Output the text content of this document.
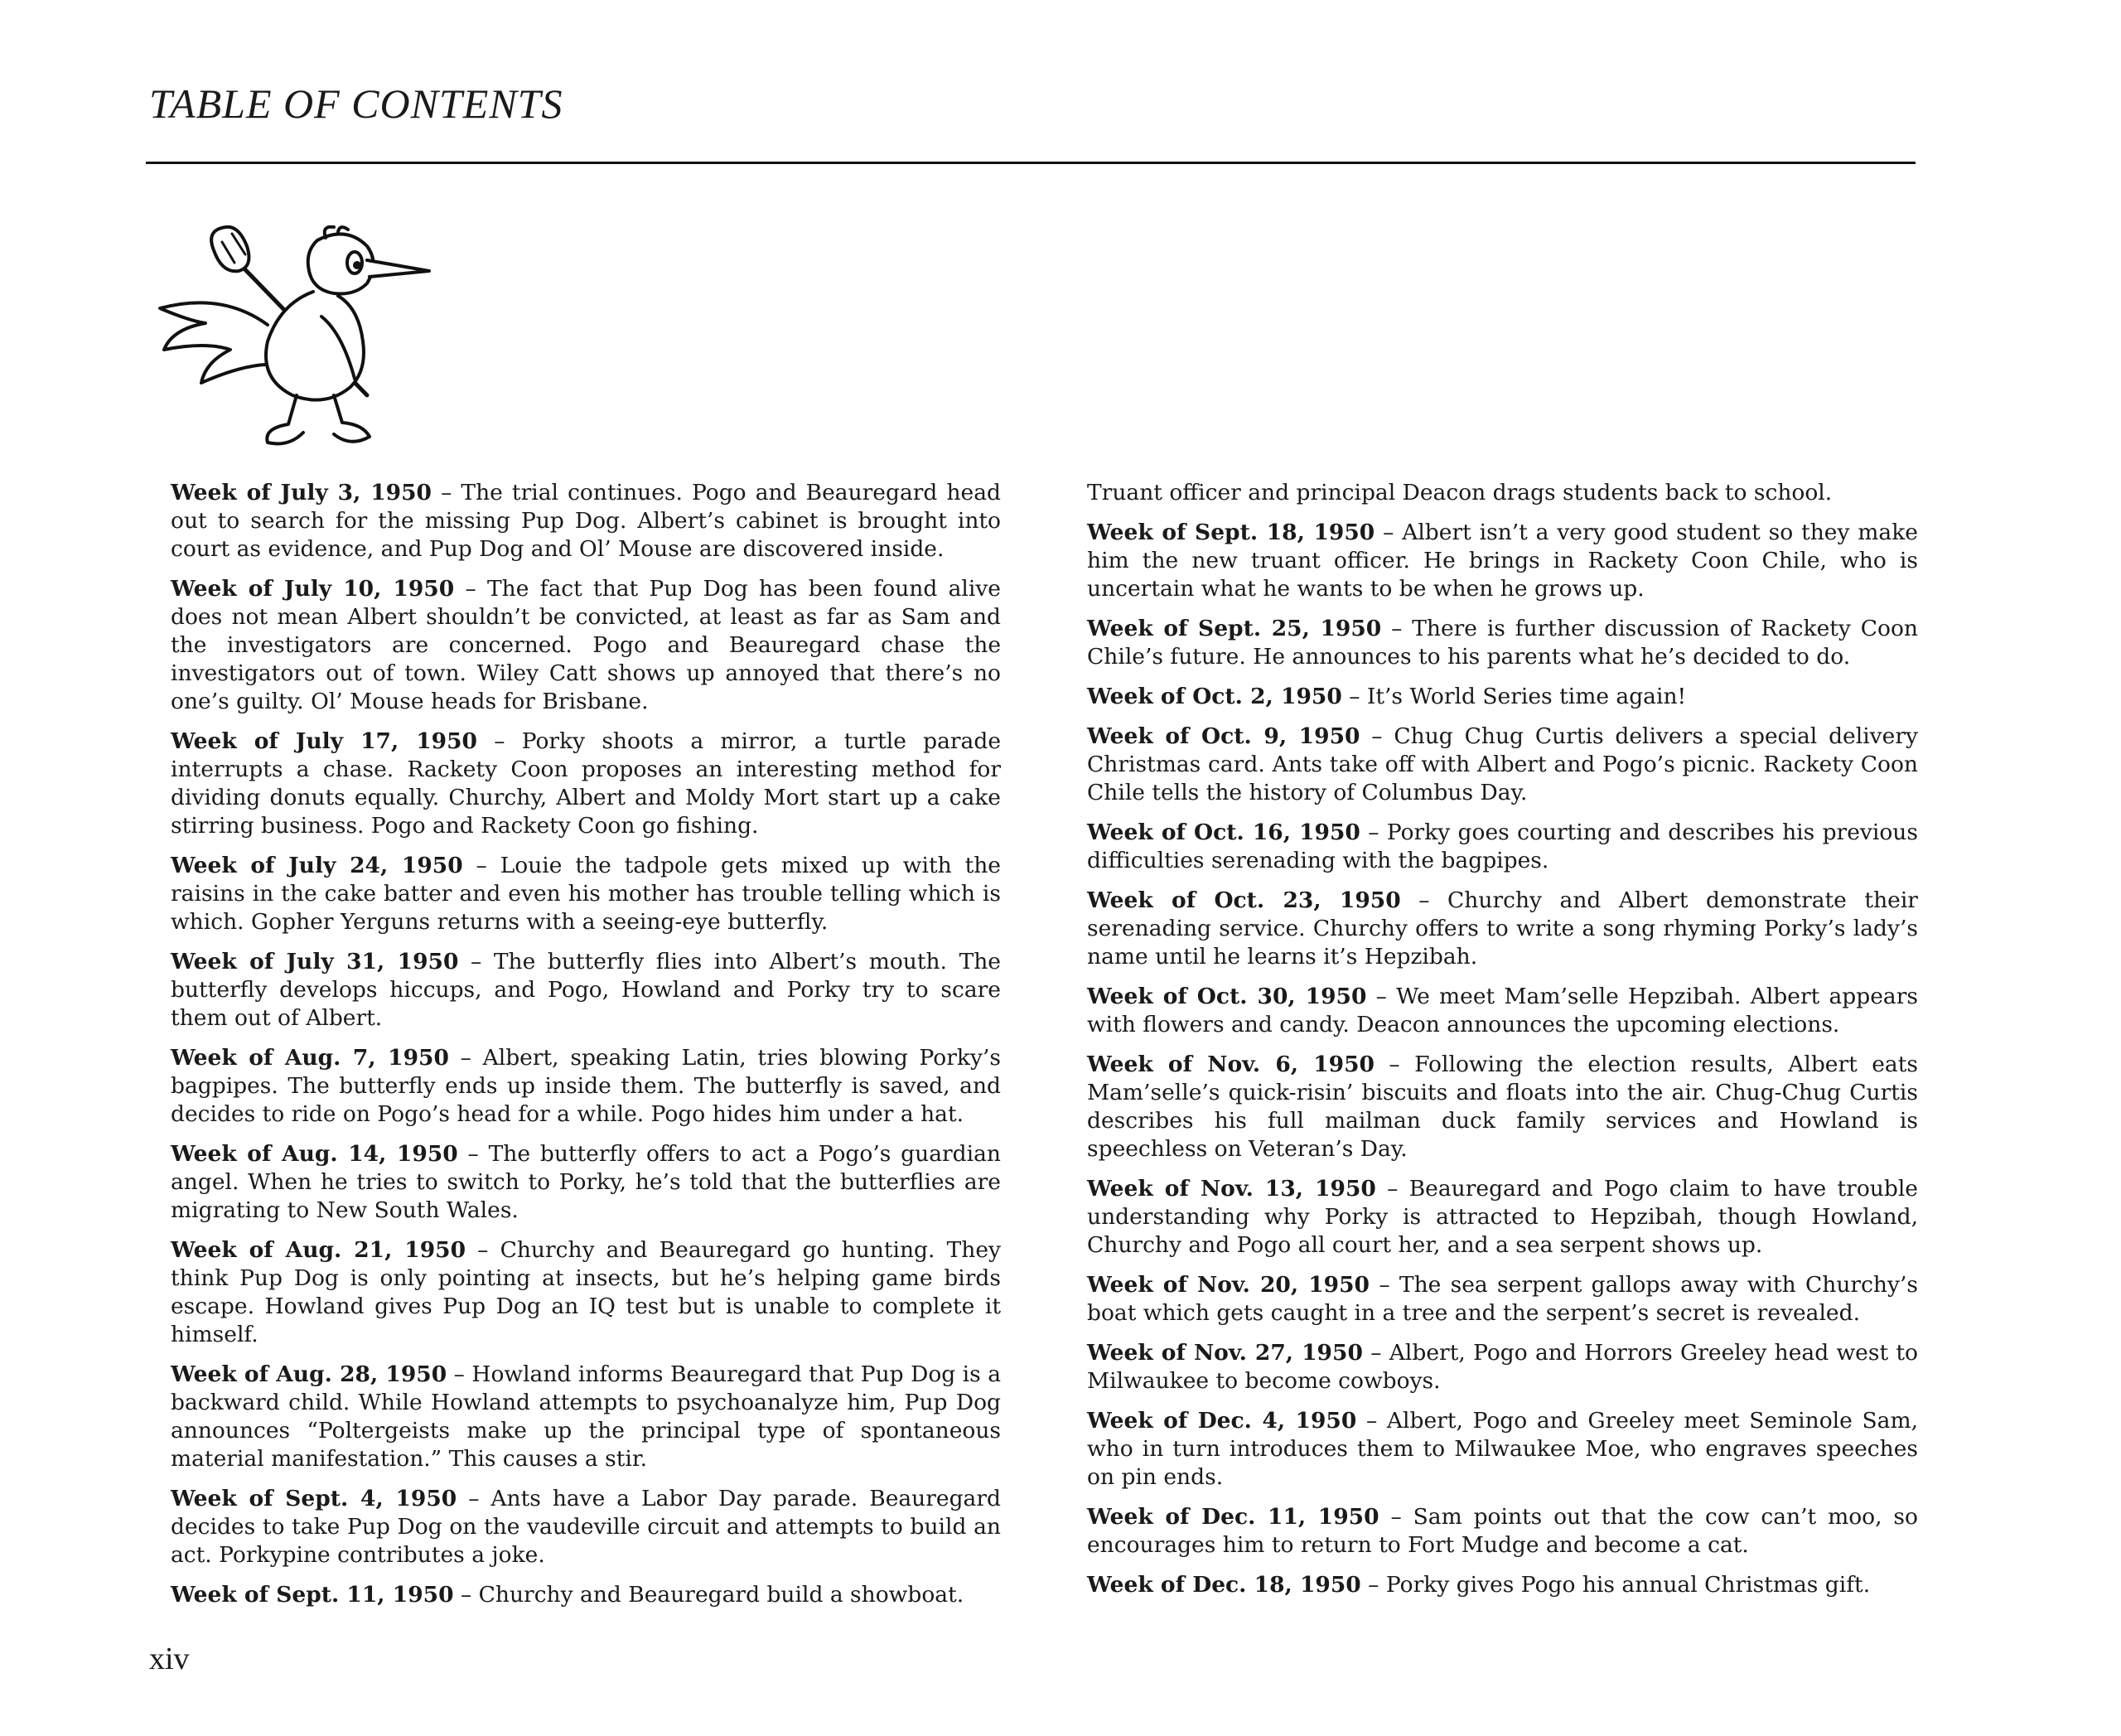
TABLE OF CONTENTS

Week of July 3, 1950 – The trial continues. Pogo and Beauregard head out to search for the missing Pup Dog. Albert’s cabinet is brought into court as evidence, and Pup Dog and Ol’ Mouse are discovered inside.

Week of July 10, 1950 – The fact that Pup Dog has been found alive does not mean Albert shouldn’t be convicted, at least as far as Sam and the investigators are concerned. Pogo and Beauregard chase the investigators out of town. Wiley Catt shows up annoyed that there’s no one’s guilty. Ol’ Mouse heads for Brisbane.

Week of July 17, 1950 – Porky shoots a mirror, a turtle parade interrupts a chase. Rackety Coon proposes an interesting method for dividing donuts equally. Churchy, Albert and Moldy Mort start up a cake stirring business. Pogo and Rackety Coon go fishing.

Week of July 24, 1950 – Louie the tadpole gets mixed up with the raisins in the cake batter and even his mother has trouble telling which is which. Gopher Yerguns returns with a seeing-eye butterfly.

Week of July 31, 1950 – The butterfly flies into Albert’s mouth. The butterfly develops hiccups, and Pogo, Howland and Porky try to scare them out of Albert.

Week of Aug. 7, 1950 – Albert, speaking Latin, tries blowing Porky’s bagpipes. The butterfly ends up inside them. The butterfly is saved, and decides to ride on Pogo’s head for a while. Pogo hides him under a hat.

Week of Aug. 14, 1950 – The butterfly offers to act a Pogo’s guardian angel. When he tries to switch to Porky, he’s told that the butterflies are migrating to New South Wales.

Week of Aug. 21, 1950 – Churchy and Beauregard go hunting. They think Pup Dog is only pointing at insects, but he’s helping game birds escape. Howland gives Pup Dog an IQ test but is unable to complete it himself.

Week of Aug. 28, 1950 – Howland informs Beauregard that Pup Dog is a backward child. While Howland attempts to psychoanalyze him, Pup Dog announces “Poltergeists make up the principal type of spontaneous material manifestation.” This causes a stir.

Week of Sept. 4, 1950 – Ants have a Labor Day parade. Beauregard decides to take Pup Dog on the vaudeville circuit and attempts to build an act. Porkypine contributes a joke.

Week of Sept. 11, 1950 – Churchy and Beauregard build a showboat.

Truant officer and principal Deacon drags students back to school.

Week of Sept. 18, 1950 – Albert isn’t a very good student so they make him the new truant officer. He brings in Rackety Coon Chile, who is uncertain what he wants to be when he grows up.

Week of Sept. 25, 1950 – There is further discussion of Rackety Coon Chile’s future. He announces to his parents what he’s decided to do.

Week of Oct. 2, 1950 – It’s World Series time again!

Week of Oct. 9, 1950 – Chug Chug Curtis delivers a special delivery Christmas card. Ants take off with Albert and Pogo’s picnic. Rackety Coon Chile tells the history of Columbus Day.

Week of Oct. 16, 1950 – Porky goes courting and describes his previous difficulties serenading with the bagpipes.

Week of Oct. 23, 1950 – Churchy and Albert demonstrate their serenading service. Churchy offers to write a song rhyming Porky’s lady’s name until he learns it’s Hepzibah.

Week of Oct. 30, 1950 – We meet Mam’selle Hepzibah. Albert appears with flowers and candy. Deacon announces the upcoming elections.

Week of Nov. 6, 1950 – Following the election results, Albert eats Mam’selle’s quick-risin’ biscuits and floats into the air. Chug-Chug Curtis describes his full mailman duck family services and Howland is speechless on Veteran’s Day.

Week of Nov. 13, 1950 – Beauregard and Pogo claim to have trouble understanding why Porky is attracted to Hepzibah, though Howland, Churchy and Pogo all court her, and a sea serpent shows up.

Week of Nov. 20, 1950 – The sea serpent gallops away with Churchy’s boat which gets caught in a tree and the serpent’s secret is revealed.

Week of Nov. 27, 1950 – Albert, Pogo and Horrors Greeley head west to Milwaukee to become cowboys.

Week of Dec. 4, 1950 – Albert, Pogo and Greeley meet Seminole Sam, who in turn introduces them to Milwaukee Moe, who engraves speeches on pin ends.

Week of Dec. 11, 1950 – Sam points out that the cow can’t moo, so encourages him to return to Fort Mudge and become a cat.

Week of Dec. 18, 1950 – Porky gives Pogo his annual Christmas gift.

xiv
